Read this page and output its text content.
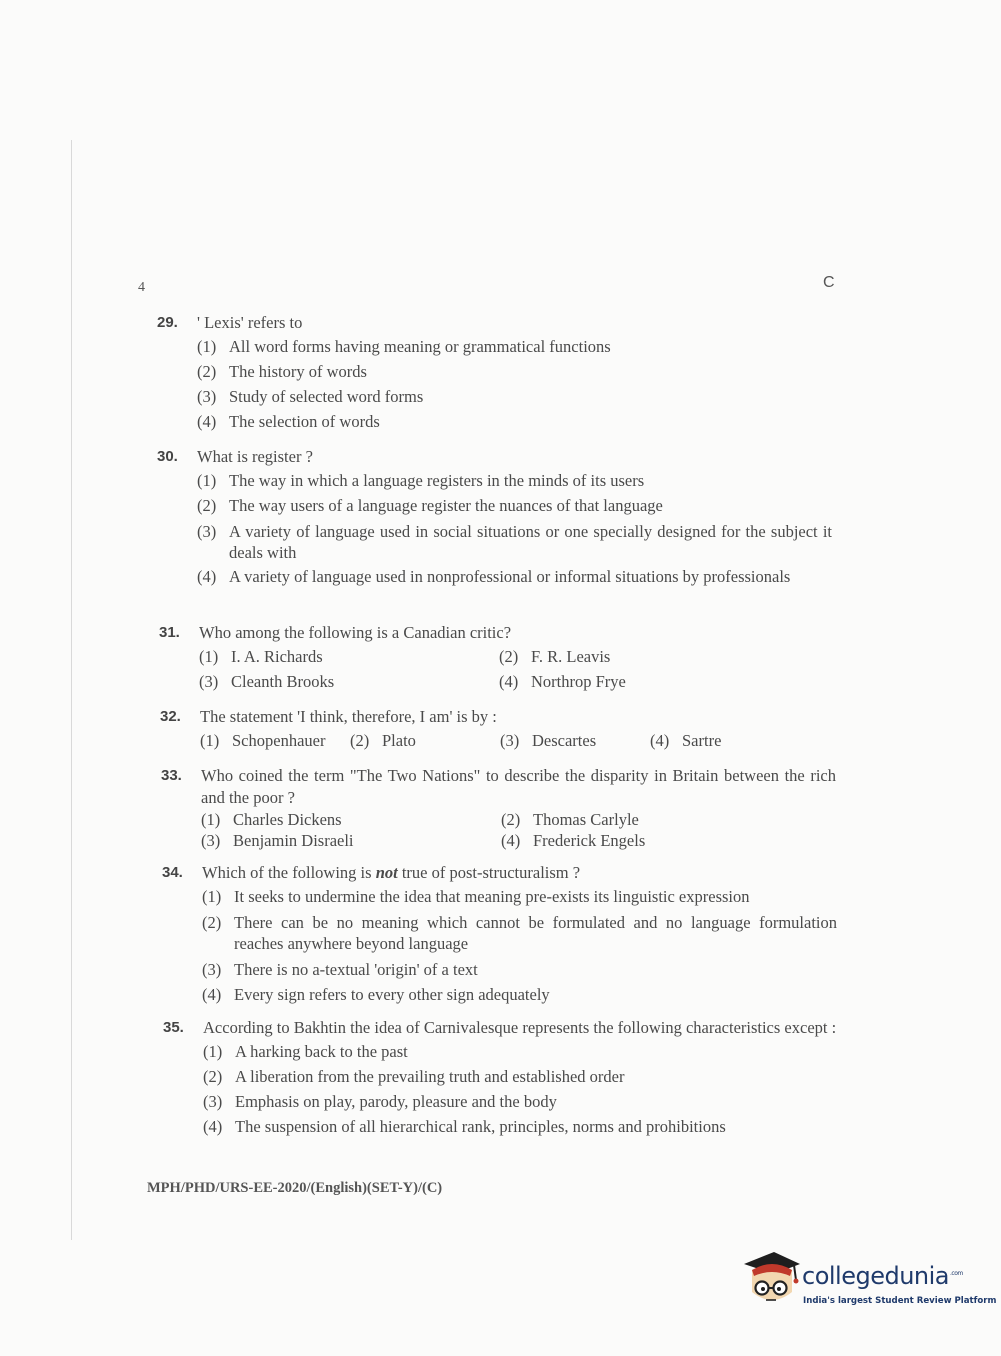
4	C
29.	' Lexis' refers to
(1) All word forms having meaning or grammatical functions
(2) The history of words
(3) Study of selected word forms
(4) The selection of words
30.	What is register ?
(1) The way in which a language registers in the minds of its users
(2) The way users of a language register the nuances of that language
(3) A variety of language used in social situations or one specially designed for the subject it deals with
(4) A variety of language used in nonprofessional or informal situations by professionals
31.	Who among the following is a Canadian critic?
(1) I. A. Richards	(2) F. R. Leavis
(3) Cleanth Brooks	(4) Northrop Frye
32.	The statement 'I think, therefore, I am' is by :
(1) Schopenhauer (2) Plato	(3) Descartes	(4) Sartre
33.	Who coined the term "The Two Nations" to describe the disparity in Britain between the rich and the poor ?
(1) Charles Dickens	(2) Thomas Carlyle
(3) Benjamin Disraeli	(4) Frederick Engels
34.	Which of the following is not true of post-structuralism ?
(1) It seeks to undermine the idea that meaning pre-exists its linguistic expression
(2) There can be no meaning which cannot be formulated and no language formulation reaches anywhere beyond language
(3) There is no a-textual 'origin' of a text
(4) Every sign refers to every other sign adequately
35.	According to Bakhtin the idea of Carnivalesque represents the following characteristics except :
(1) A harking back to the past
(2) A liberation from the prevailing truth and established order
(3) Emphasis on play, parody, pleasure and the body
(4) The suspension of all hierarchical rank, principles, norms and prohibitions
MPH/PHD/URS-EE-2020/(English)(SET-Y)/(C)
collegedunia$^{.com}$
India's largest Student Review Platform
